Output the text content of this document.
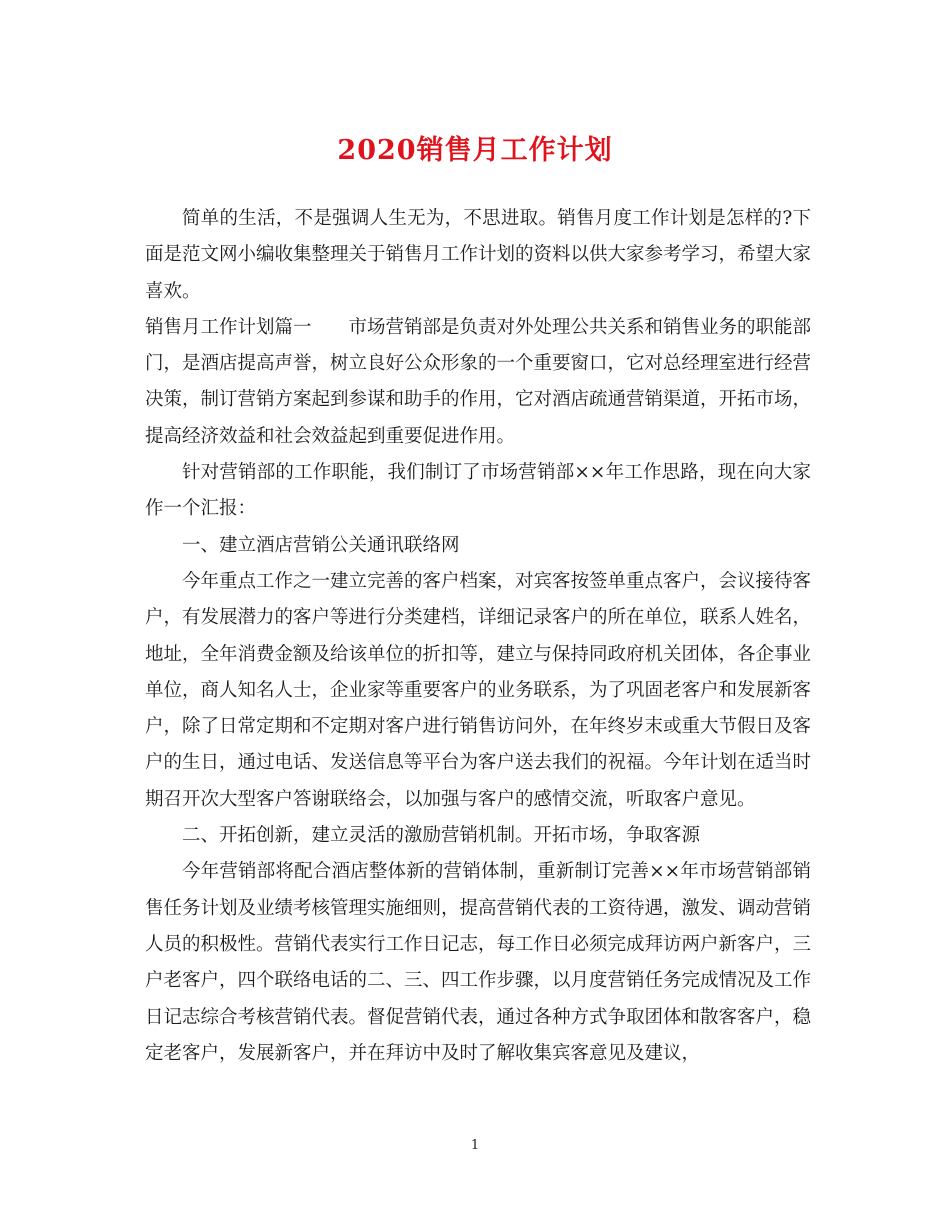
2020销售月工作计划

简单的生活，不是强调人生无为，不思进取。销售月度工作计划是怎样的?下面是范文网小编收集整理关于销售月工作计划的资料以供大家参考学习，希望大家喜欢。

销售月工作计划篇一　　市场营销部是负责对外处理公共关系和销售业务的职能部门，是酒店提高声誉，树立良好公众形象的一个重要窗口，它对总经理室进行经营决策，制订营销方案起到参谋和助手的作用，它对酒店疏通营销渠道，开拓市场，提高经济效益和社会效益起到重要促进作用。

针对营销部的工作职能，我们制订了市场营销部××年工作思路，现在向大家作一个汇报：

一、建立酒店营销公关通讯联络网

今年重点工作之一建立完善的客户档案，对宾客按签单重点客户，会议接待客户，有发展潜力的客户等进行分类建档，详细记录客户的所在单位，联系人姓名，地址，全年消费金额及给该单位的折扣等，建立与保持同政府机关团体，各企事业单位，商人知名人士，企业家等重要客户的业务联系，为了巩固老客户和发展新客户，除了日常定期和不定期对客户进行销售访问外，在年终岁末或重大节假日及客户的生日，通过电话、发送信息等平台为客户送去我们的祝福。今年计划在适当时期召开次大型客户答谢联络会，以加强与客户的感情交流，听取客户意见。

二、开拓创新，建立灵活的激励营销机制。开拓市场，争取客源

今年营销部将配合酒店整体新的营销体制，重新制订完善××年市场营销部销售任务计划及业绩考核管理实施细则，提高营销代表的工资待遇，激发、调动营销人员的积极性。营销代表实行工作日记志，每工作日必须完成拜访两户新客户，三户老客户，四个联络电话的二、三、四工作步骤，以月度营销任务完成情况及工作日记志综合考核营销代表。督促营销代表，通过各种方式争取团体和散客客户，稳定老客户，发展新客户，并在拜访中及时了解收集宾客意见及建议，

1
